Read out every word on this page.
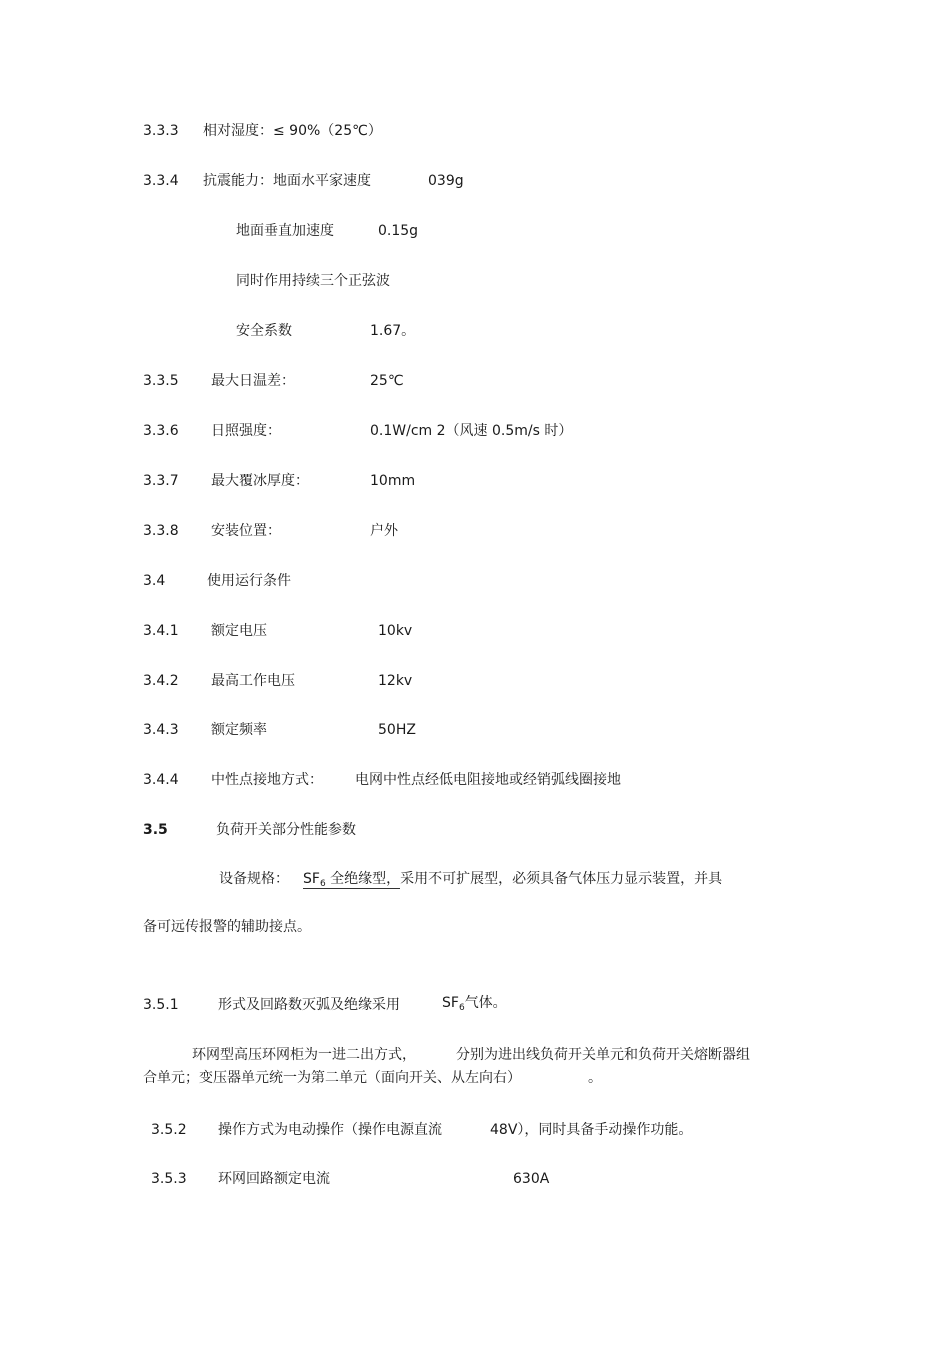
3.3.3 相对湿度：≤ 90%（25℃）
3.3.4 抗震能力：地面水平家速度	039g
地面垂直加速度	0.15g
同时作用持续三个正弦波
安全系数	1.67。
3.3.5 最大日温差：	25℃
3.3.6 日照强度：	0.1W/cm 2（风速 0.5m/s 时）
3.3.7 最大覆冰厚度：	10mm
3.3.8 安装位置：	户外
3.4	使用运行条件
3.4.1 额定电压	10kv
3.4.2 最高工作电压	12kv
3.4.3 额定频率	50HZ
3.4.4 中性点接地方式： 电网中性点经低电阻接地或经销弧线圈接地
3.5	负荷开关部分性能参数
设备规格： $SF_6$ 全绝缘型，采用不可扩展型，必须具备气体压力显示装置，并具
备可远传报警的辅助接点。
3.5.1	形式及回路数灭弧及绝缘采用	$SF_6$气体。
环网型高压环网柜为一进二出方式，	分别为进出线负荷开关单元和负荷开关熔断器组
合单元；变压器单元统一为第二单元（面向开关、从左向右）	。
3.5.2 操作方式为电动操作（操作电源直流	48V），同时具备手动操作功能。
3.5.3 环网回路额定电流	630A
